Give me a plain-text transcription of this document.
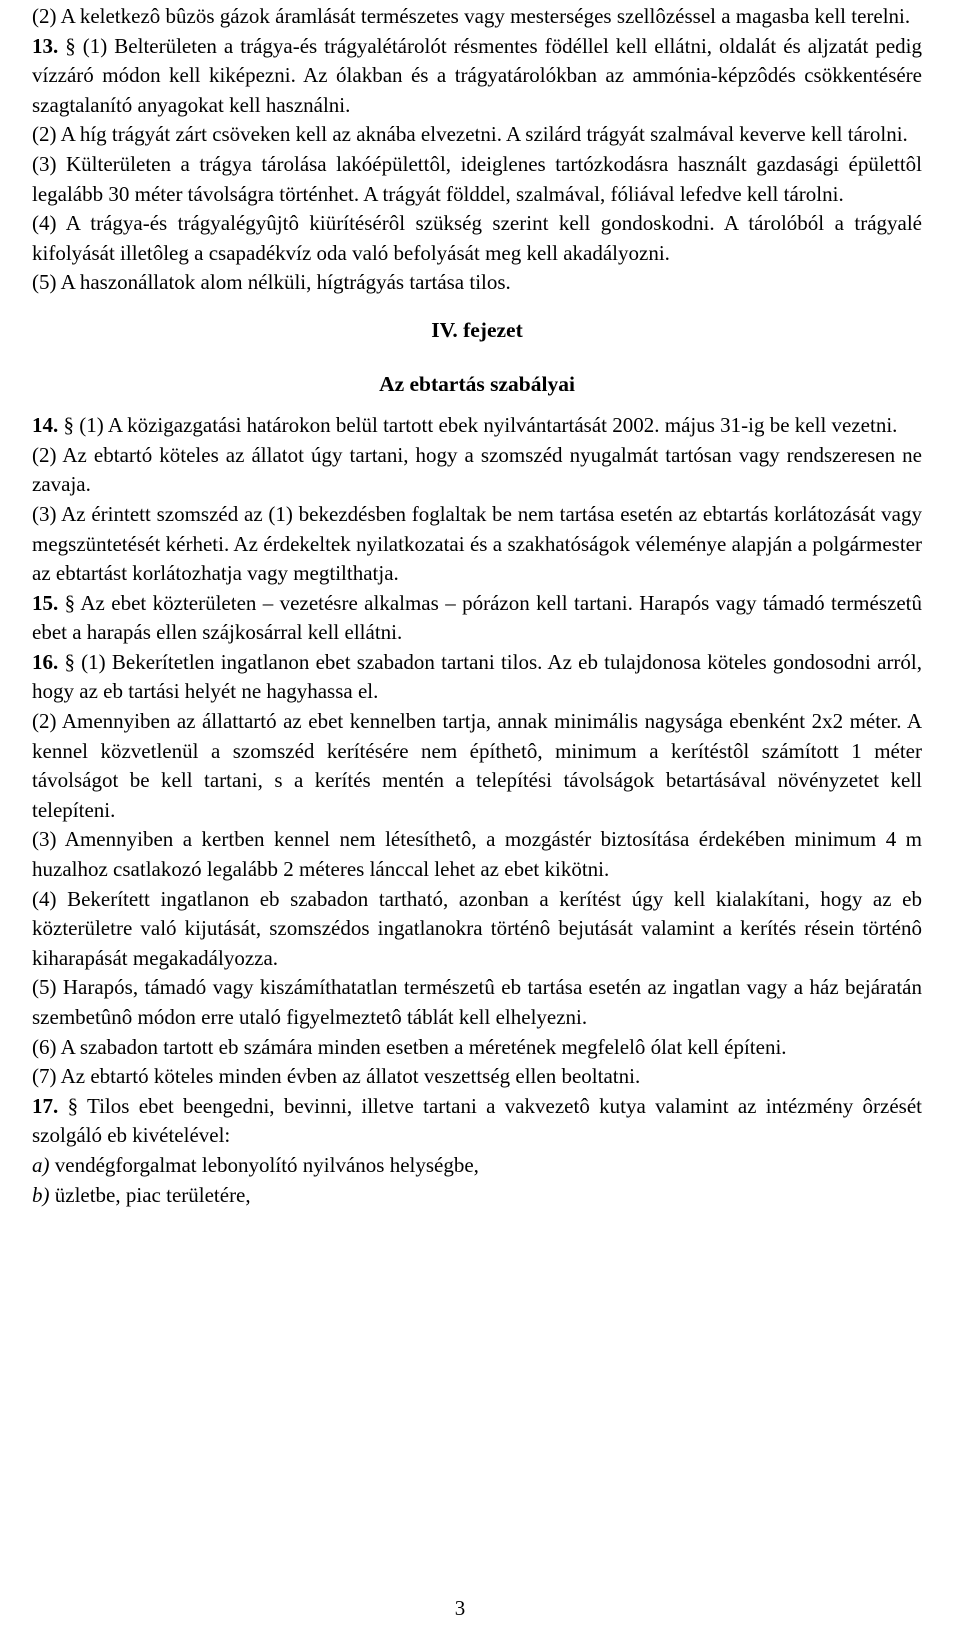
(2) A keletkezô bûzös gázok áramlását természetes vagy mesterséges szellôzéssel a magasba kell terelni.

13. § (1) Belterületen a trágya-és trágyalétárolót résmentes födéllel kell ellátni, oldalát és aljzatát pedig vízzáró módon kell kiképezni. Az ólakban és a trágyatárolókban az ammónia-képzôdés csökkentésére szagtalanító anyagokat kell használni.

(2) A híg trágyát zárt csöveken kell az aknába elvezetni. A szilárd trágyát szalmával keverve kell tárolni.

(3) Külterületen a trágya tárolása lakóépülettôl, ideiglenes tartózkodásra használt gazdasági épülettôl legalább 30 méter távolságra történhet. A trágyát földdel, szalmával, fóliával lefedve kell tárolni.

(4) A trágya-és trágyalégyûjtô kiürítésérôl szükség szerint kell gondoskodni. A tárolóból a trágyalé kifolyását illetôleg a csapadékvíz oda való befolyását meg kell akadályozni.

(5) A haszonállatok alom nélküli, hígtrágyás tartása tilos.

IV. fejezet

Az ebtartás szabályai

14. § (1) A közigazgatási határokon belül tartott ebek nyilvántartását 2002. május 31-ig be kell vezetni.

(2) Az ebtartó köteles az állatot úgy tartani, hogy a szomszéd nyugalmát tartósan vagy rendszeresen ne zavaja.

(3) Az érintett szomszéd az (1) bekezdésben foglaltak be nem tartása esetén az ebtartás korlátozását vagy megszüntetését kérheti. Az érdekeltek nyilatkozatai és a szakhatóságok véleménye alapján a polgármester az ebtartást korlátozhatja vagy megtilthatja.

15. § Az ebet közterületen – vezetésre alkalmas – pórázon kell tartani. Harapós vagy támadó természetû ebet a harapás ellen szájkosárral kell ellátni.

16. § (1) Bekerítetlen ingatlanon ebet szabadon tartani tilos. Az eb tulajdonosa köteles gondosodni arról, hogy az eb tartási helyét ne hagyhassa el.

(2) Amennyiben az állattartó az ebet kennelben tartja, annak minimális nagysága ebenként 2x2 méter. A kennel közvetlenül a szomszéd kerítésére nem építhetô, minimum a kerítéstôl számított 1 méter távolságot be kell tartani, s a kerítés mentén a telepítési távolságok betartásával növényzetet kell telepíteni.

(3) Amennyiben a kertben kennel nem létesíthetô, a mozgástér biztosítása érdekében minimum 4 m huzalhoz csatlakozó legalább 2 méteres lánccal lehet az ebet kikötni.

(4) Bekerített ingatlanon eb szabadon tartható, azonban a kerítést úgy kell kialakítani, hogy az eb közterületre való kijutását, szomszédos ingatlanokra történô bejutását valamint a kerítés résein történô kiharapását megakadályozza.

(5) Harapós, támadó vagy kiszámíthatatlan természetû eb tartása esetén az ingatlan vagy a ház bejáratán szembetûnô módon erre utaló figyelmeztetô táblát kell elhelyezni.

(6) A szabadon tartott eb számára minden esetben a méretének megfelelô ólat kell építeni.

(7) Az ebtartó köteles minden évben az állatot veszettség ellen beoltatni.

17. § Tilos ebet beengedni, bevinni, illetve tartani a vakvezetô kutya valamint az intézmény ôrzését szolgáló eb kivételével:

a) vendégforgalmat lebonyolító nyilvános helységbe,

b) üzletbe, piac területére,

3
